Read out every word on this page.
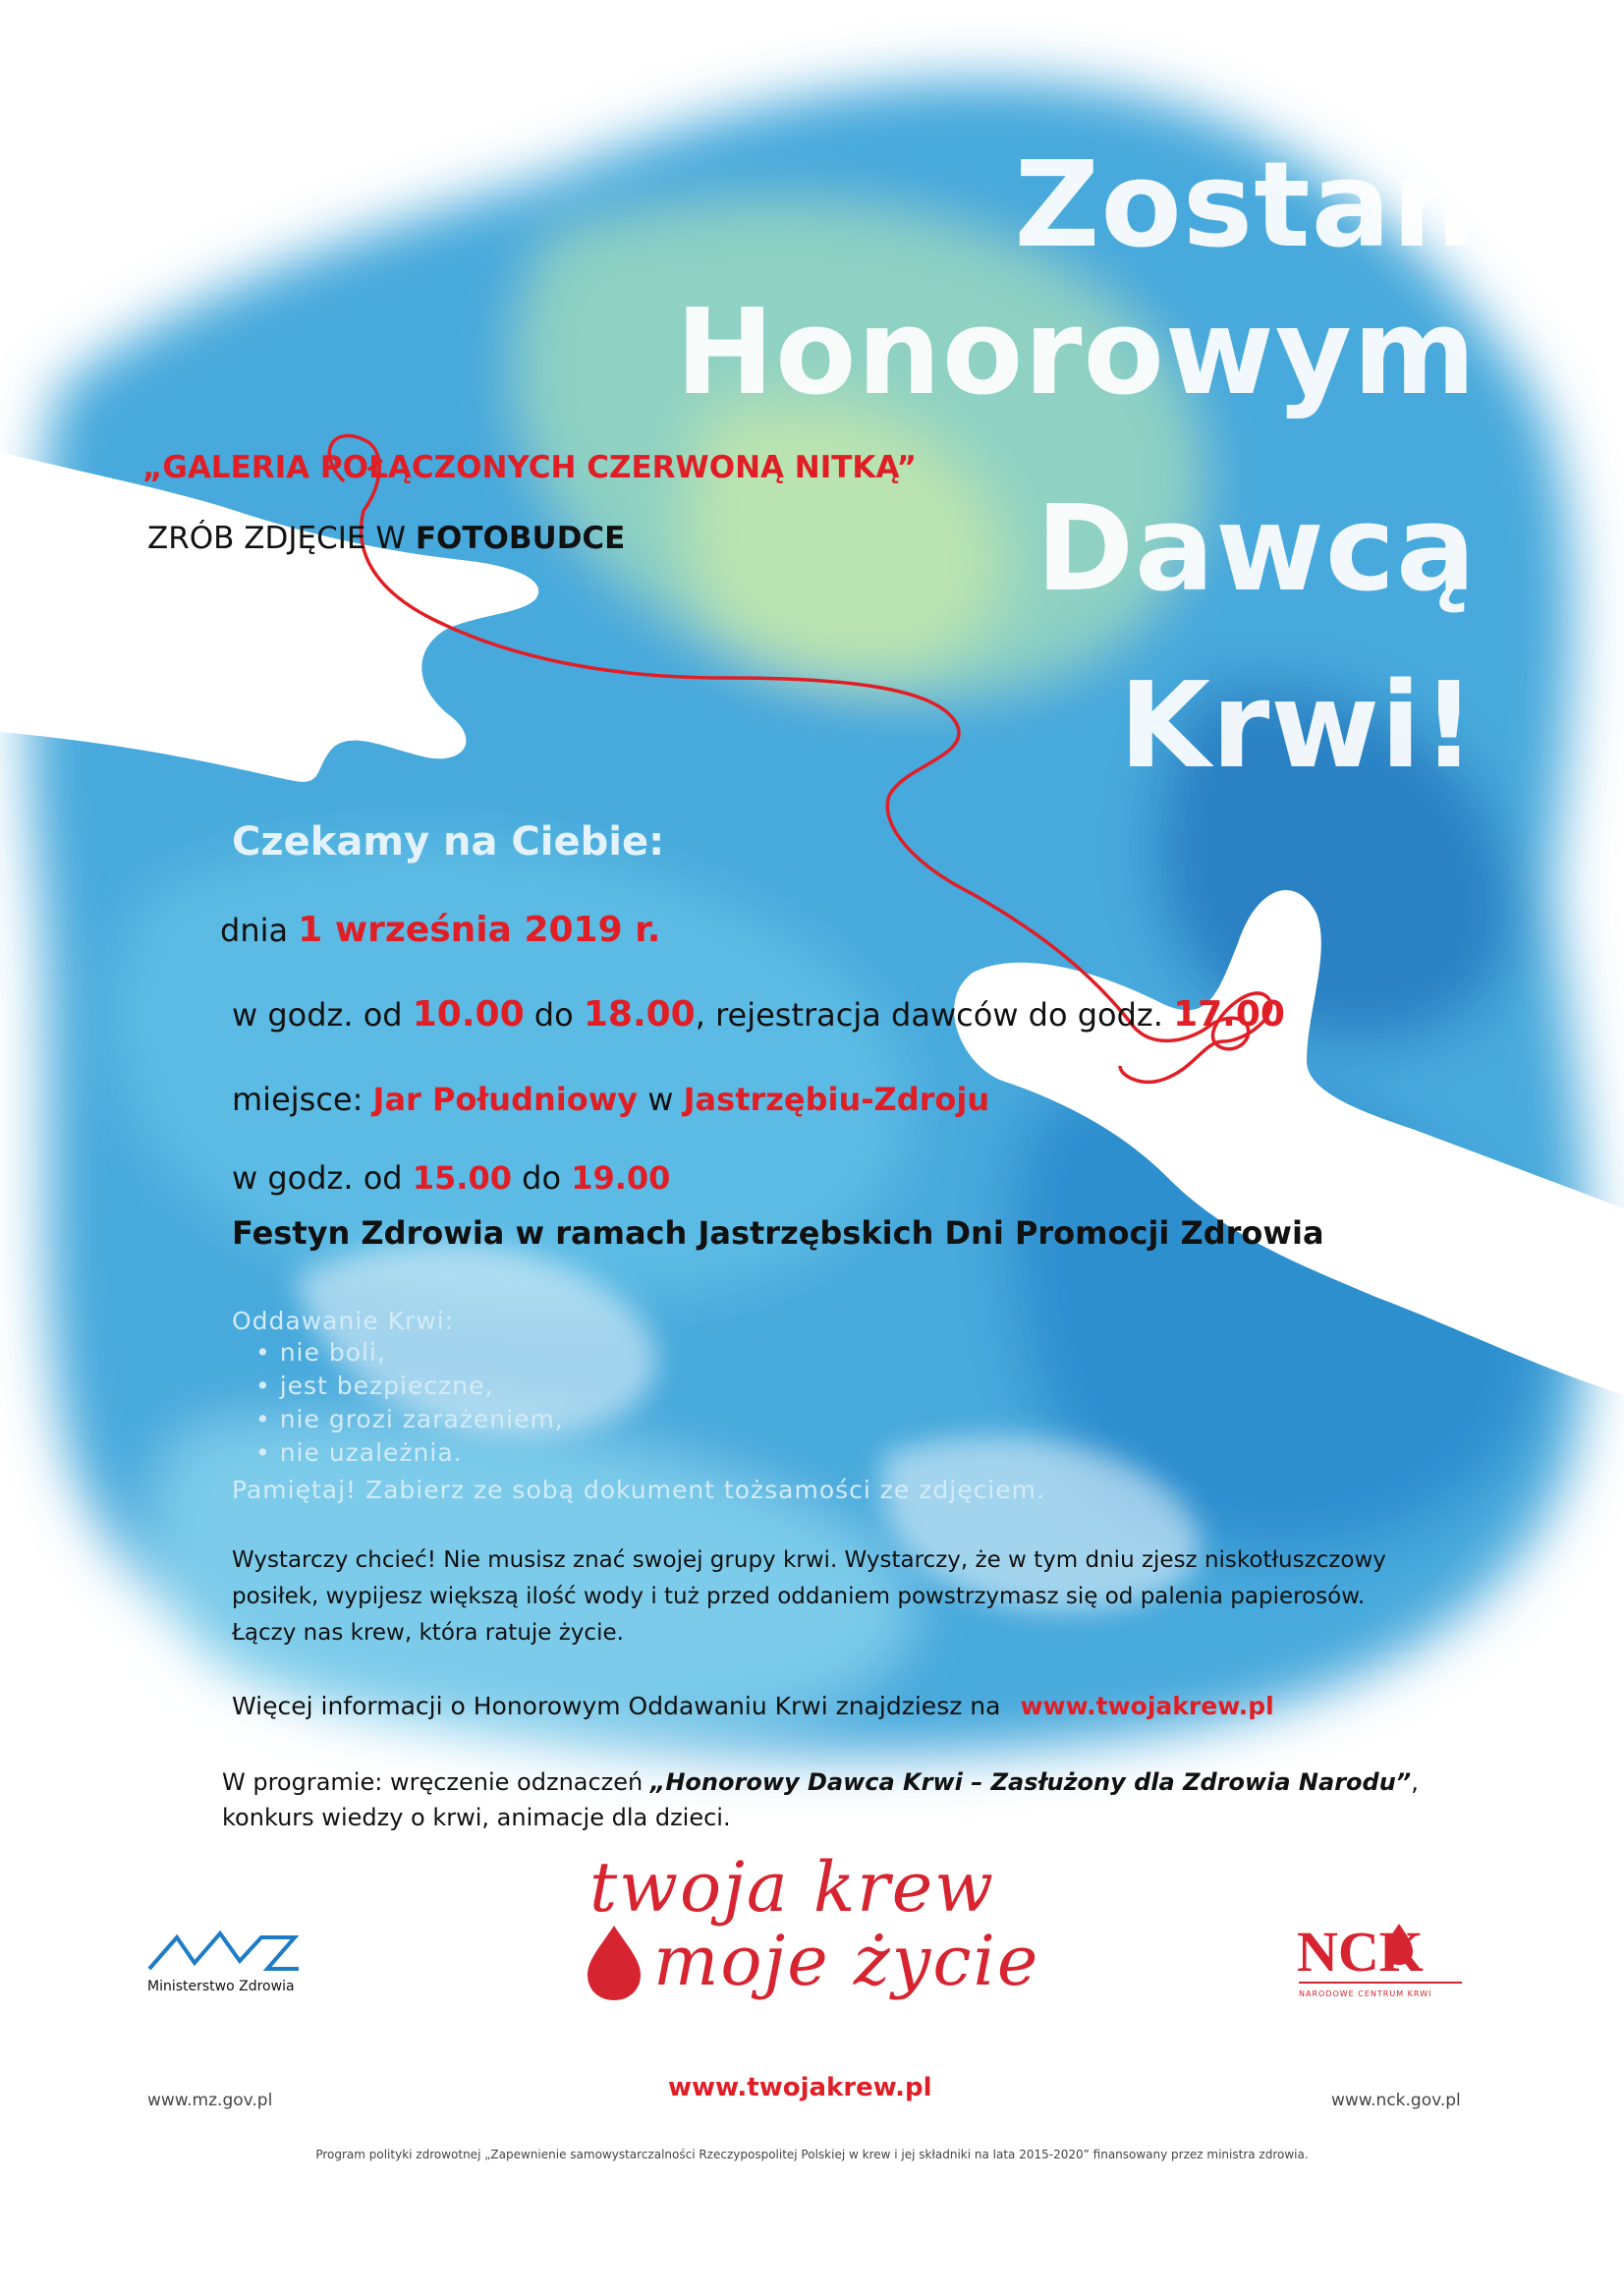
Zostań
Honorowym
Dawcą
Krwi!
„GALERIA POŁĄCZONYCH CZERWONĄ NITKĄ”
ZRÓB ZDJĘCIE W FOTOBUDCE
Czekamy na Ciebie:
dnia 1 września 2019 r.
w godz. od 10.00 do 18.00, rejestracja dawców do godz. 17.00
miejsce: Jar Południowy w Jastrzębiu-Zdroju
w godz. od 15.00 do 19.00
Festyn Zdrowia w ramach Jastrzębskich Dni Promocji Zdrowia
Oddawanie Krwi:
• nie boli,
• jest bezpieczne,
• nie grozi zarażeniem,
• nie uzależnia.
Pamiętaj! Zabierz ze sobą dokument tożsamości ze zdjęciem.
Wystarczy chcieć! Nie musisz znać swojej grupy krwi. Wystarczy, że w tym dniu zjesz niskotłuszczowy
posiłek, wypijesz większą ilość wody i tuż przed oddaniem powstrzymasz się od palenia papierosów.
Łączy nas krew, która ratuje życie.
Więcej informacji o Honorowym Oddawaniu Krwi znajdziesz na www.twojakrew.pl
W programie: wręczenie odznaczeń „Honorowy Dawca Krwi – Zasłużony dla Zdrowia Narodu”, konkurs wiedzy o krwi, animacje dla dzieci.
twoja krew
moje życie
Ministerstwo Zdrowia
NCK
NARODOWE CENTRUM KRWI
www.twojakrew.pl
www.mz.gov.pl	www.nck.gov.pl
Program polityki zdrowotnej „Zapewnienie samowystarczalności Rzeczypospolitej Polskiej w krew i jej składniki na lata 2015-2020” finansowany przez ministra zdrowia.
